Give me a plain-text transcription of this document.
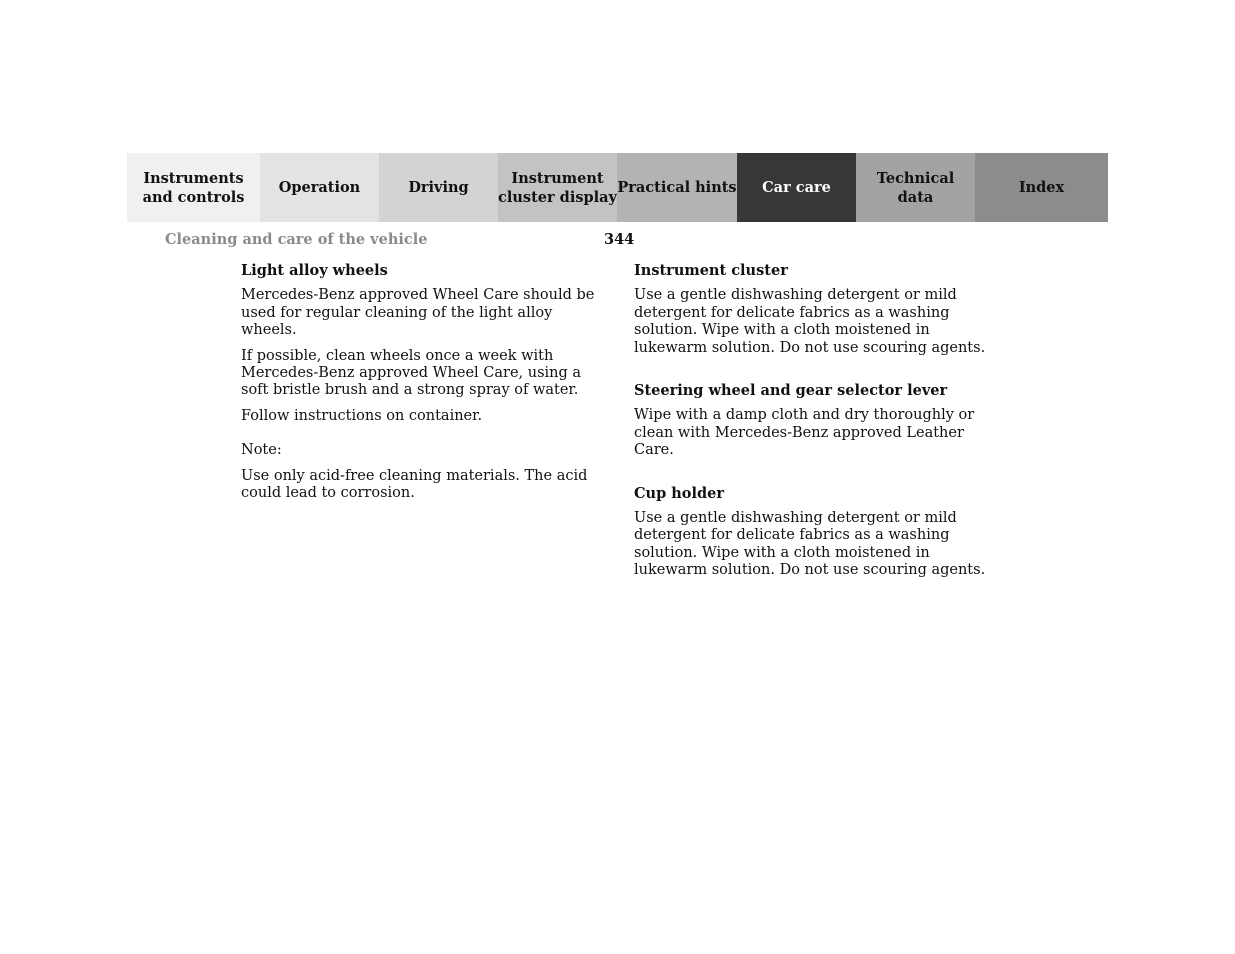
Instruments
and controls
Operation	Driving
Instrument
cluster display
Practical hints Car care
Technical
data
Index
Cleaning and care of the vehicle	344
Light alloy wheels

Mercedes-Benz approved Wheel Care should be used for regular cleaning of the light alloy wheels.

If possible, clean wheels once a week with Mercedes-Benz approved Wheel Care, using a soft bristle brush and a strong spray of water.

Follow instructions on container.

Note:

Use only acid-free cleaning materials. The acid could lead to corrosion.

Instrument cluster

Use a gentle dishwashing detergent or mild detergent for delicate fabrics as a washing solution. Wipe with a cloth moistened in lukewarm solution. Do not use scouring agents.

Steering wheel and gear selector lever

Wipe with a damp cloth and dry thoroughly or clean with Mercedes-Benz approved Leather Care.

Cup holder

Use a gentle dishwashing detergent or mild detergent for delicate fabrics as a washing solution. Wipe with a cloth moistened in lukewarm solution. Do not use scouring agents.
